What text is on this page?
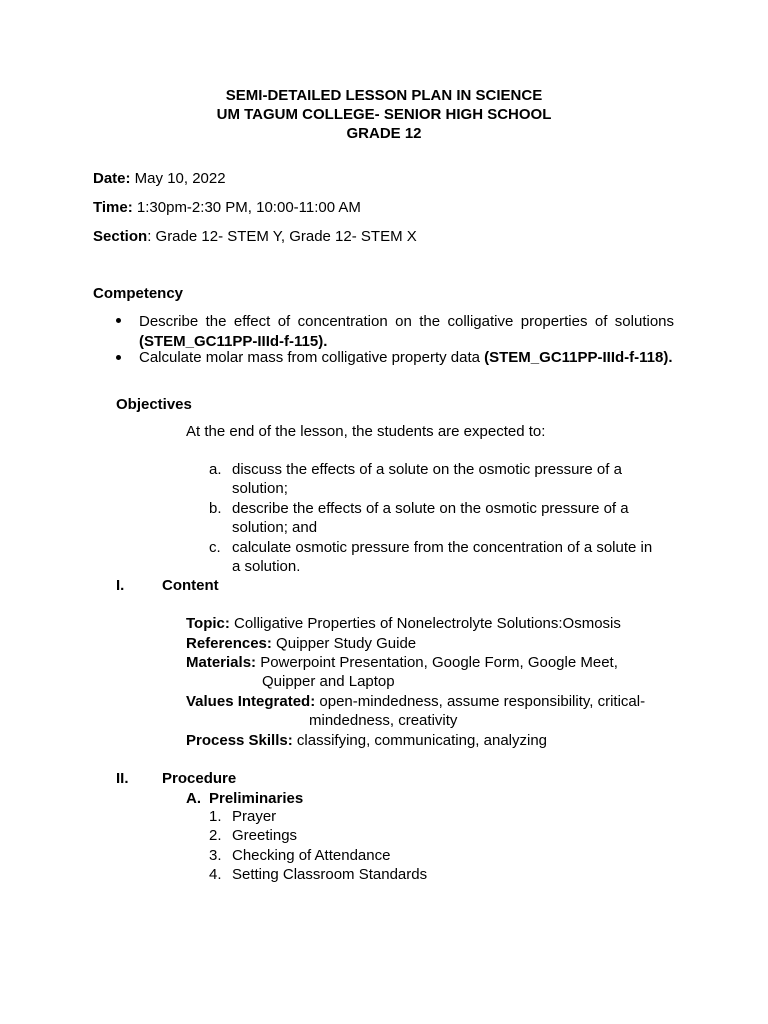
SEMI-DETAILED LESSON PLAN IN SCIENCE
UM TAGUM COLLEGE- SENIOR HIGH SCHOOL
GRADE 12
Date: May 10, 2022
Time: 1:30pm-2:30 PM, 10:00-11:00 AM
Section: Grade 12- STEM Y, Grade 12- STEM X
Competency
Describe the effect of concentration on the colligative properties of solutions (STEM_GC11PP-IIId-f-115).
Calculate molar mass from colligative property data (STEM_GC11PP-IIId-f-118).
Objectives
At the end of the lesson, the students are expected to:
a. discuss the effects of a solute on the osmotic pressure of a
solution;
b. describe the effects of a solute on the osmotic pressure of a
solution; and
c. calculate osmotic pressure from the concentration of a solute in
a solution.
I.	Content
Topic: Colligative Properties of Nonelectrolyte Solutions:Osmosis
References: Quipper Study Guide
Materials: Powerpoint Presentation, Google Form, Google Meet,
Quipper and Laptop
Values Integrated: open-mindedness, assume responsibility, critical-
mindedness, creativity
Process Skills: classifying, communicating, analyzing
II. Procedure
A. Preliminaries
1. Prayer
2. Greetings
3. Checking of Attendance
4. Setting Classroom Standards
